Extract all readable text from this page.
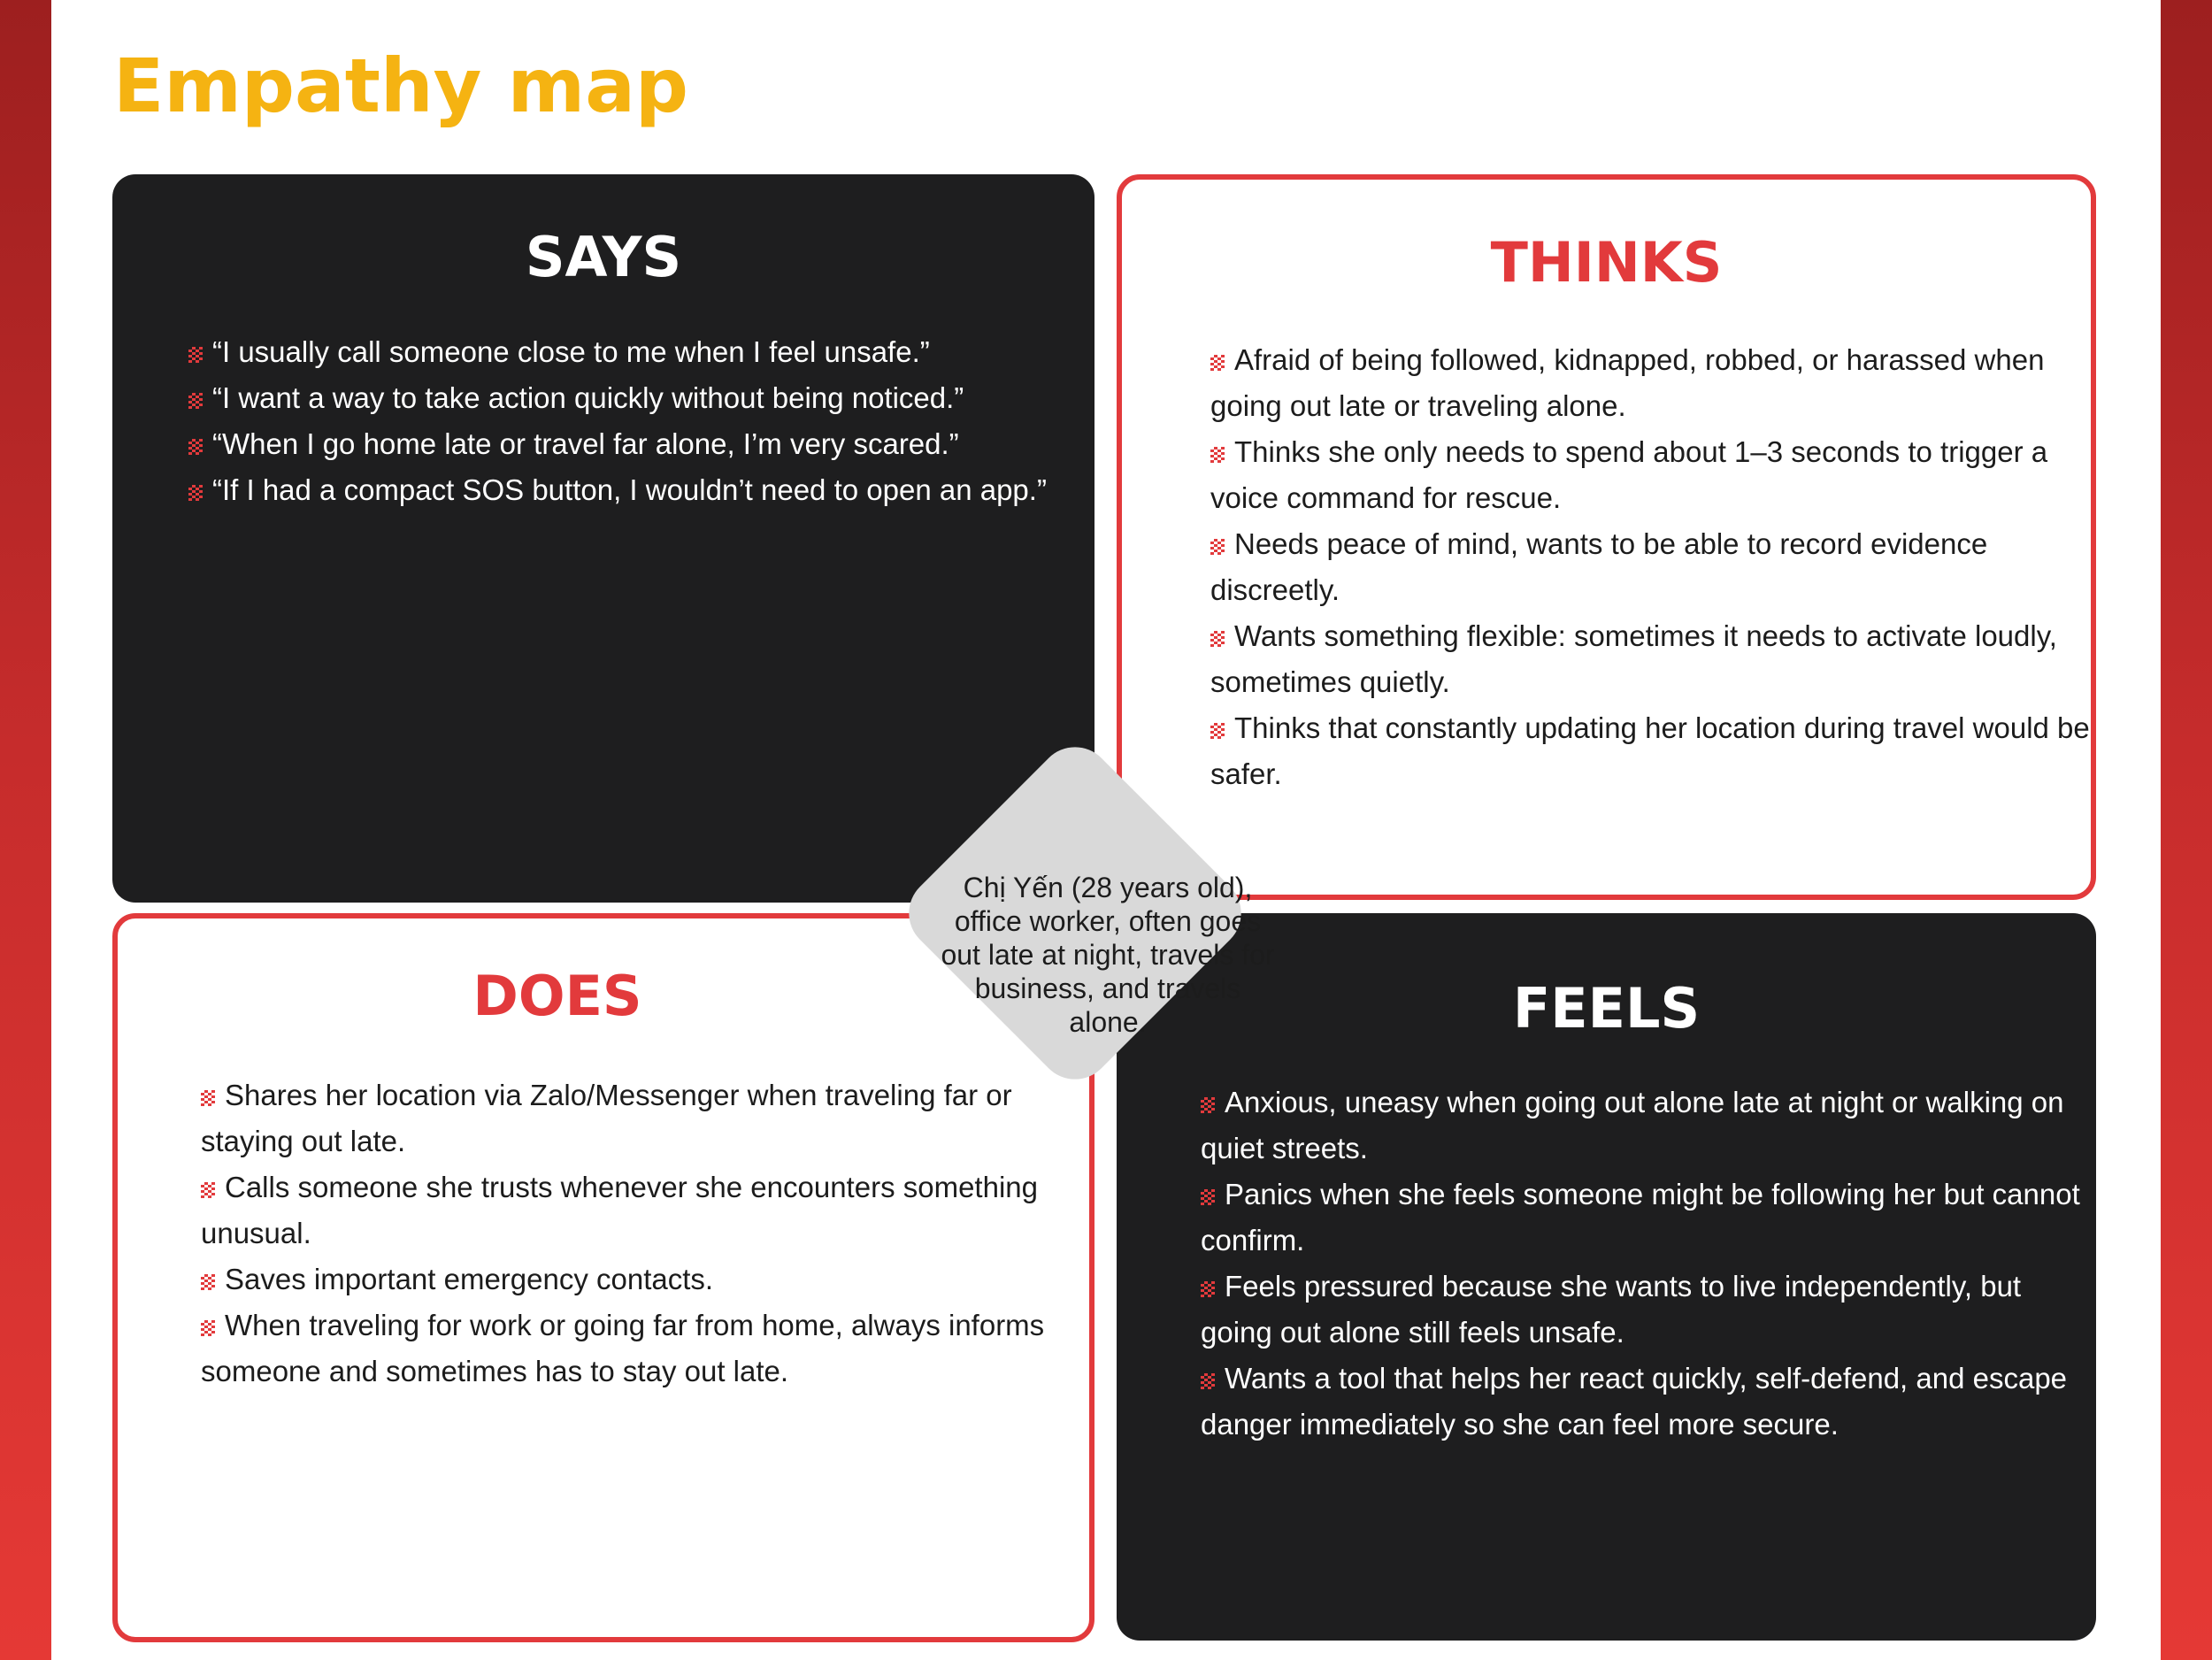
Empathy map
SAYS
“I usually call someone close to me when I feel unsafe.”
“I want a way to take action quickly without being noticed.”
“When I go home late or travel far alone, I’m very scared.”
“If I had a compact SOS button, I wouldn’t need to open an app.”
THINKS
Afraid of being followed, kidnapped, robbed, or harassed when going out late or traveling alone.
Thinks she only needs to spend about 1–3 seconds to trigger a voice command for rescue.
Needs peace of mind, wants to be able to record evidence discreetly.
Wants something flexible: sometimes it needs to activate loudly, sometimes quietly.
Thinks that constantly updating her location during travel would be safer.
DOES
Shares her location via Zalo/Messenger when traveling far or staying out late.
Calls someone she trusts whenever she encounters something unusual.
Saves important emergency contacts.
When traveling for work or going far from home, always informs someone and sometimes has to stay out late.
FEELS
Anxious, uneasy when going out alone late at night or walking on quiet streets.
Panics when she feels someone might be following her but cannot confirm.
Feels pressured because she wants to live independently, but going out alone still feels unsafe.
Wants a tool that helps her react quickly, self-defend, and escape danger immediately so she can feel more secure.

Chị Yến (28 years old), office worker, often goes out late at night, travels for business, and travels alone.
